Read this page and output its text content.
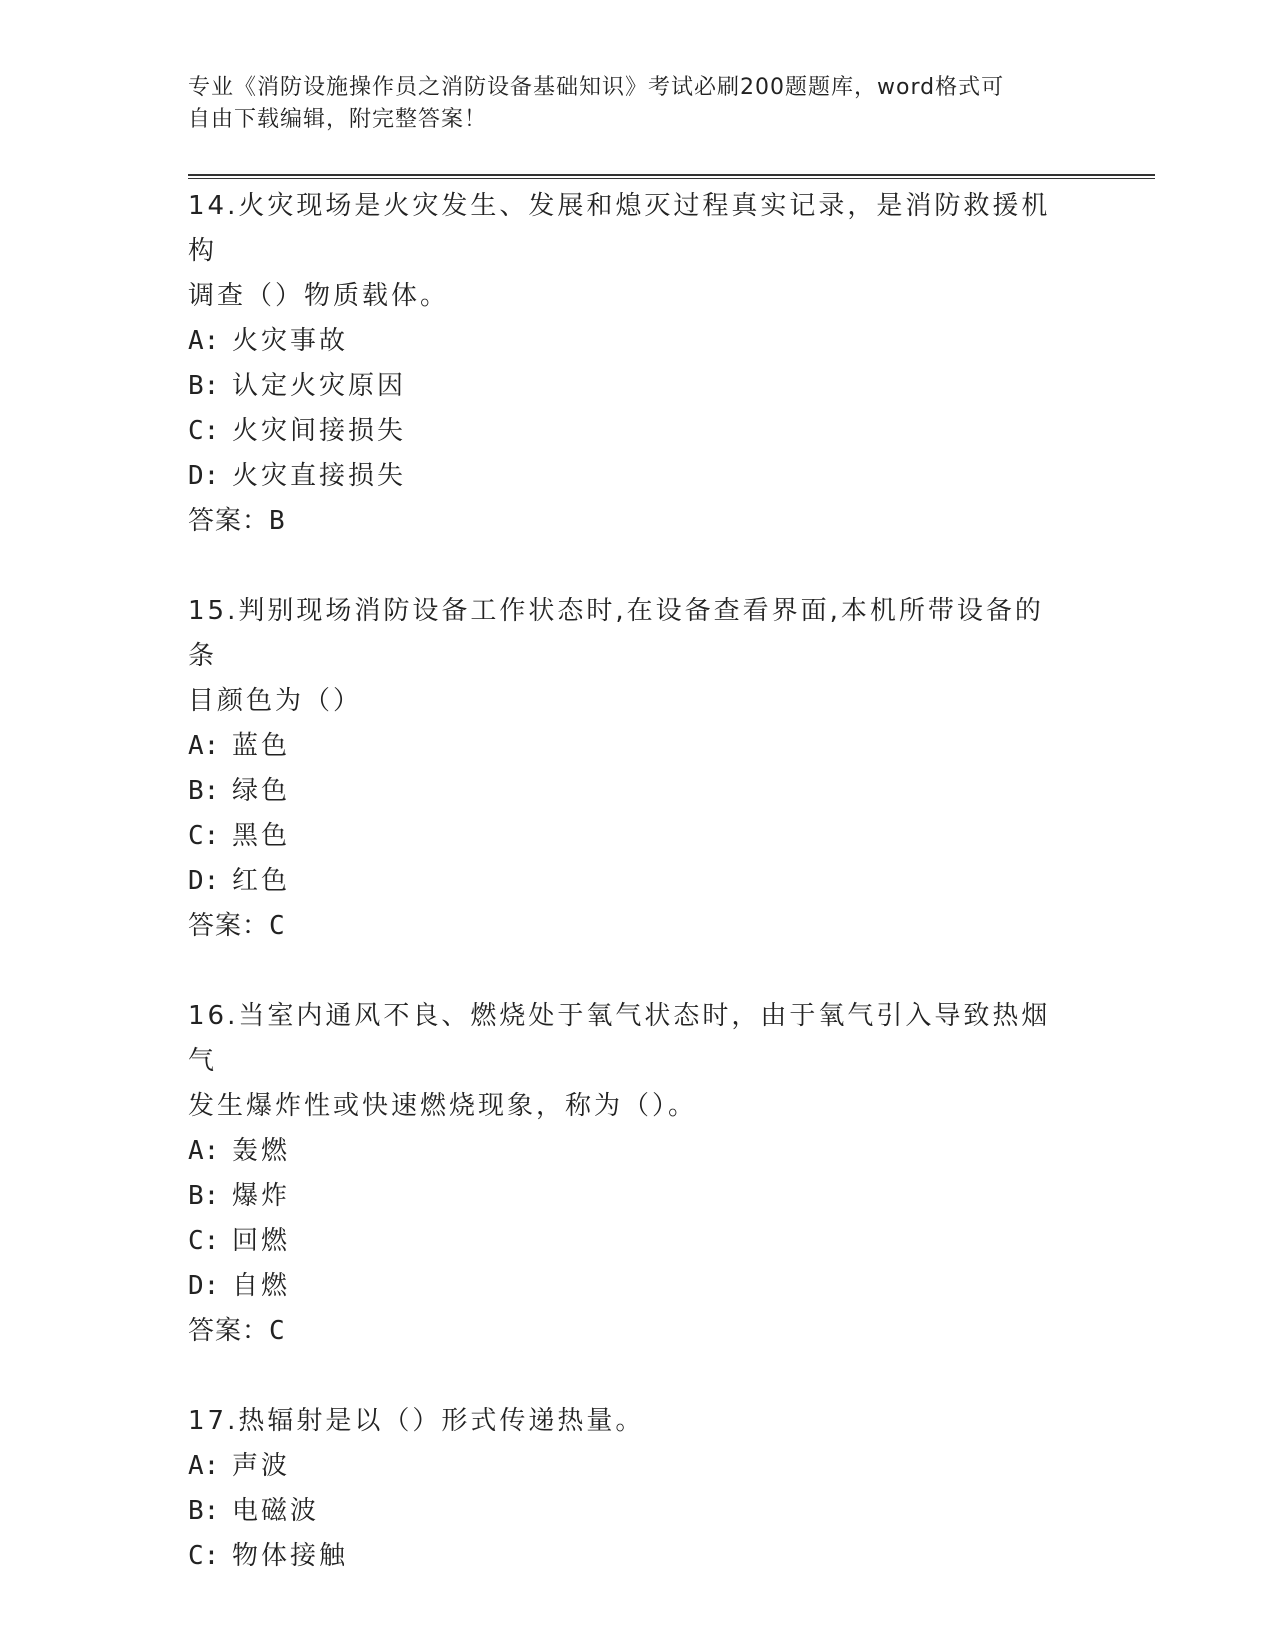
专业《消防设施操作员之消防设备基础知识》考试必刷200题题库，word格式可
自由下载编辑，附完整答案！
14.火灾现场是火灾发生、发展和熄灭过程真实记录，是消防救援机构
调查（）物质载体。
A: 火灾事故
B: 认定火灾原因
C: 火灾间接损失
D: 火灾直接损失
答案： B
15.判别现场消防设备工作状态时,在设备查看界面,本机所带设备的条
目颜色为（）
A: 蓝色
B: 绿色
C: 黑色
D: 红色
答案： C
16.当室内通风不良、燃烧处于氧气状态时，由于氧气引入导致热烟气
发生爆炸性或快速燃烧现象，称为（）。
A: 轰燃
B: 爆炸
C: 回燃
D: 自燃
答案： C
17.热辐射是以（）形式传递热量。
A: 声波
B: 电磁波
C: 物体接触
